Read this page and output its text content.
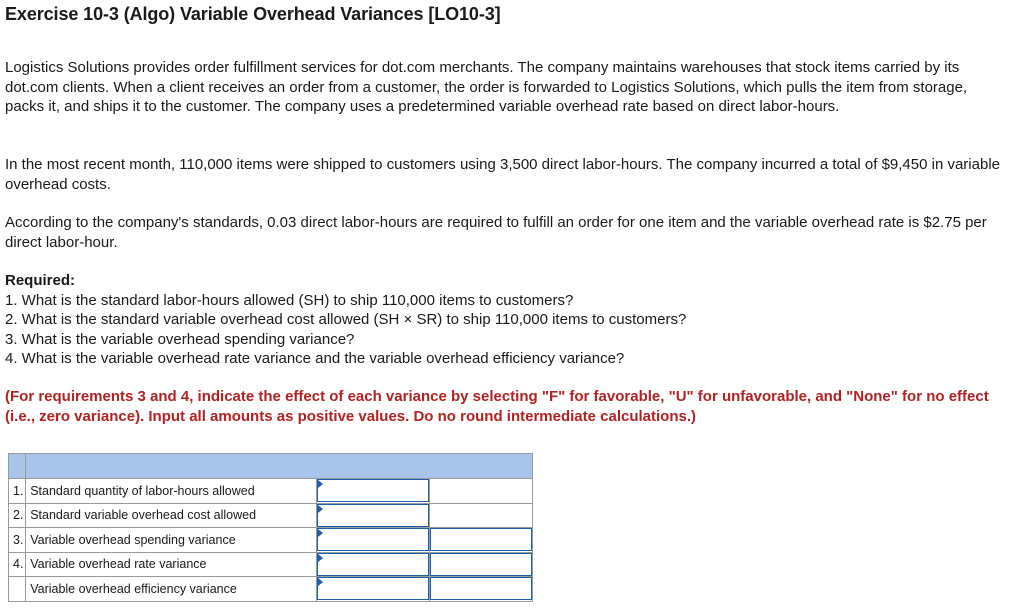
Exercise 10-3 (Algo) Variable Overhead Variances [LO10-3]
Logistics Solutions provides order fulfillment services for dot.com merchants. The company maintains warehouses that stock items carried by its dot.com clients. When a client receives an order from a customer, the order is forwarded to Logistics Solutions, which pulls the item from storage, packs it, and ships it to the customer. The company uses a predetermined variable overhead rate based on direct labor-hours.
In the most recent month, 110,000 items were shipped to customers using 3,500 direct labor-hours. The company incurred a total of $9,450 in variable overhead costs.
According to the company's standards, 0.03 direct labor-hours are required to fulfill an order for one item and the variable overhead rate is $2.75 per direct labor-hour.
Required:
1. What is the standard labor-hours allowed (SH) to ship 110,000 items to customers?
2. What is the standard variable overhead cost allowed (SH × SR) to ship 110,000 items to customers?
3. What is the variable overhead spending variance?
4. What is the variable overhead rate variance and the variable overhead efficiency variance?
(For requirements 3 and 4, indicate the effect of each variance by selecting "F" for favorable, "U" for unfavorable, and "None" for no effect (i.e., zero variance). Input all amounts as positive values. Do no round intermediate calculations.)

1.	Standard quantity of labor-hours allowed	

2.	Standard variable overhead cost allowed	

3.	Variable overhead spending variance	

4.	Variable overhead rate variance	

	Variable overhead efficiency variance	
